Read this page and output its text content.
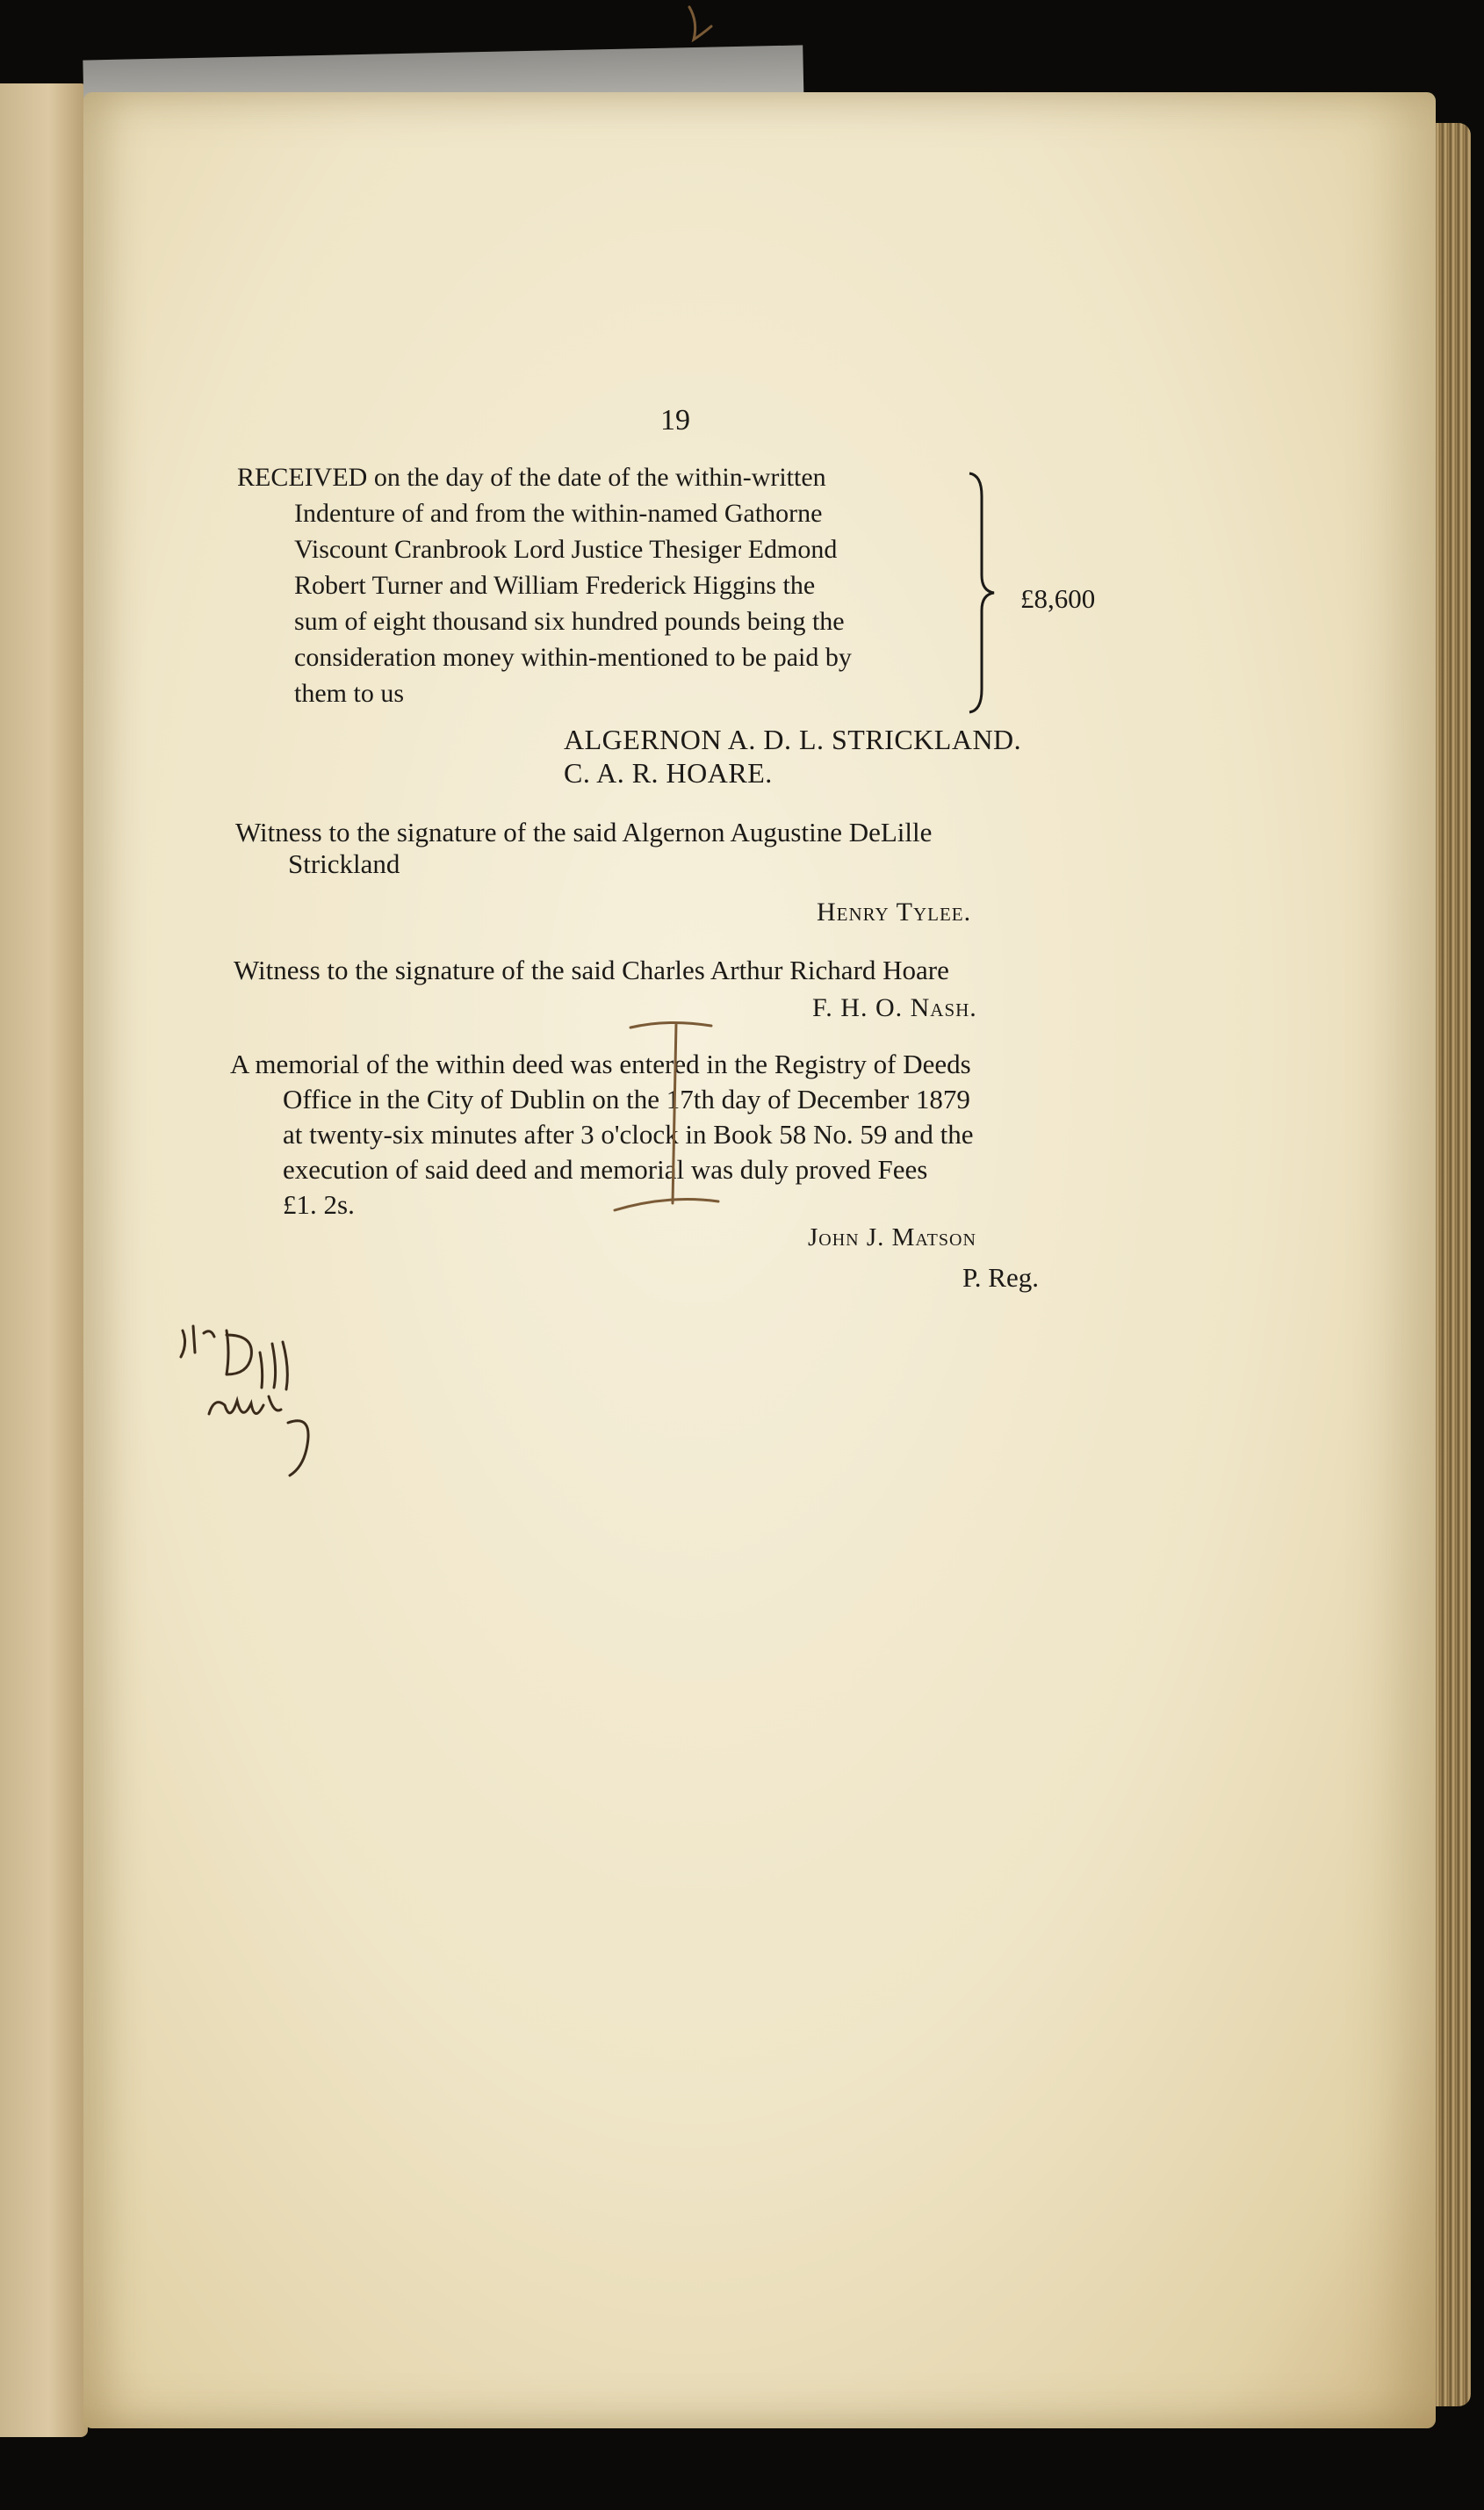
19
RECEIVED on the day of the date of the within-written
Indenture of and from the within-named Gathorne
Viscount Cranbrook Lord Justice Thesiger Edmond
Robert Turner and William Frederick Higgins the
sum of eight thousand six hundred pounds being the
consideration money within-mentioned to be paid by
them to us
£8,600
ALGERNON A. D. L. STRICKLAND.
C. A. R. HOARE.
Witness to the signature of the said Algernon Augustine DeLille
Strickland
Henry Tylee.
Witness to the signature of the said Charles Arthur Richard Hoare
F. H. O. Nash.
A memorial of the within deed was entered in the Registry of Deeds
Office in the City of Dublin on the 17th day of December 1879
at twenty-six minutes after 3 o'clock in Book 58 No. 59 and the
execution of said deed and memorial was duly proved Fees
£1. 2s.
John J. Matson
P. Reg.
